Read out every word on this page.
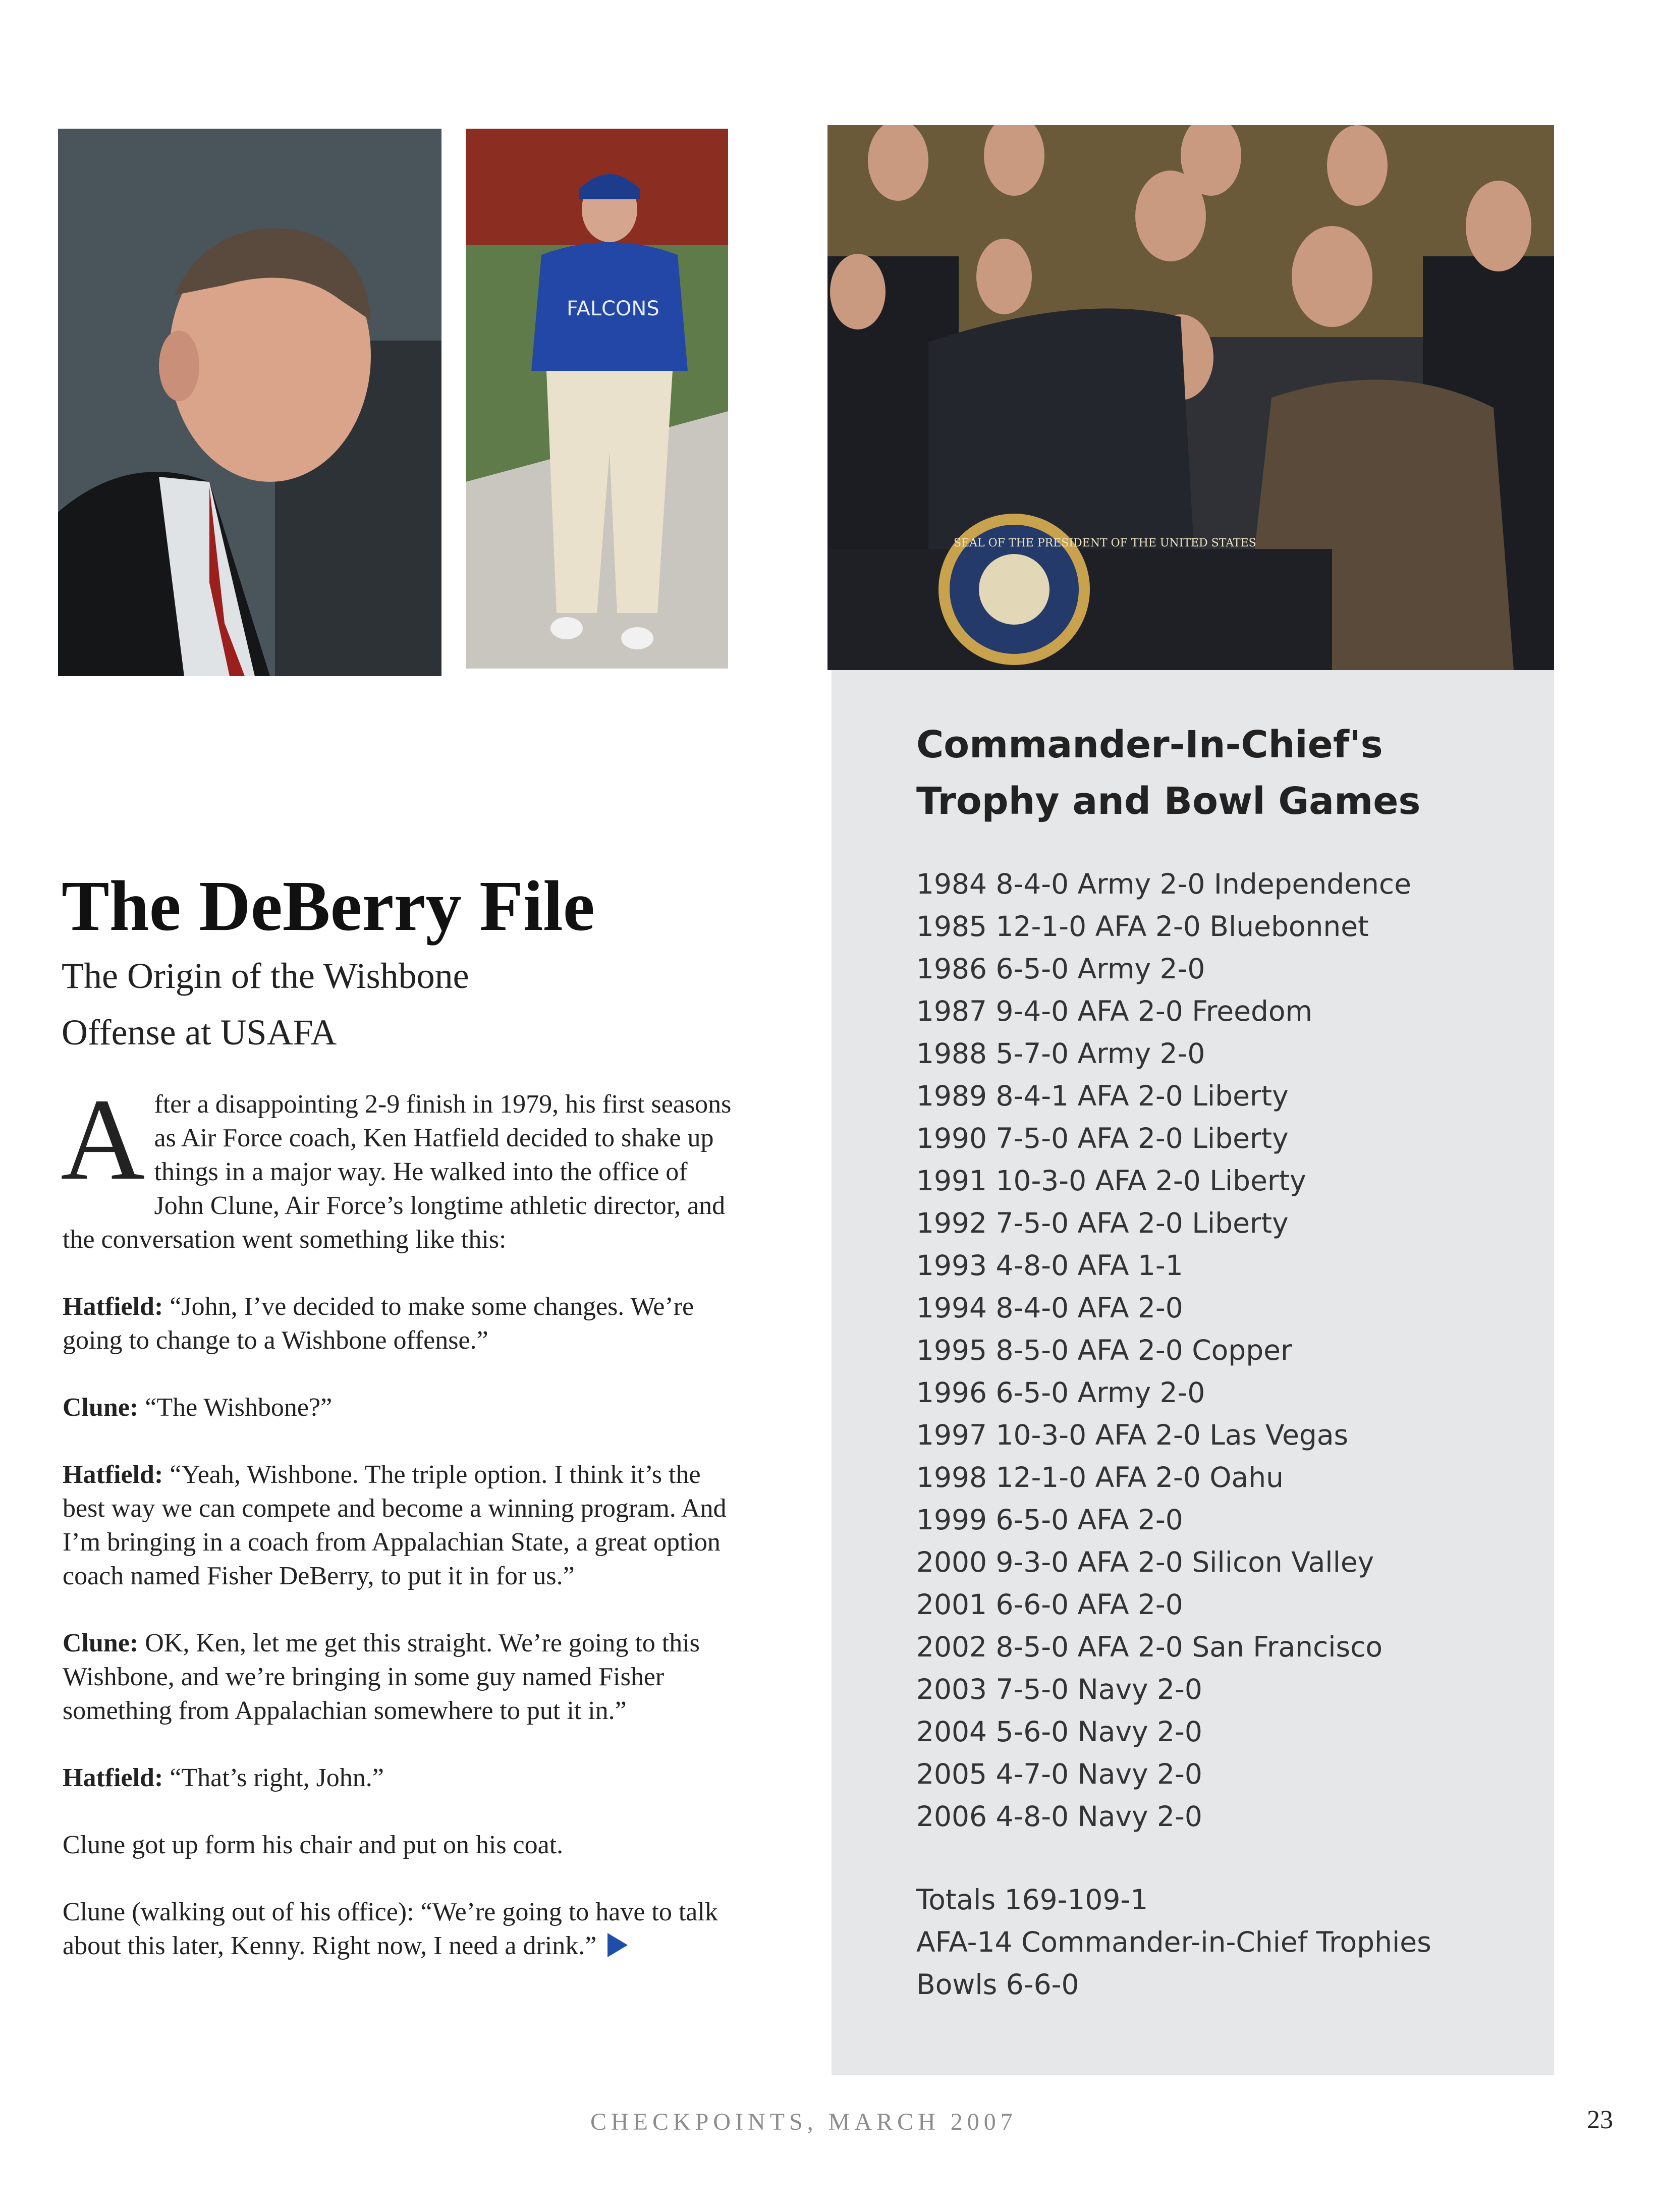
FALCONS
SEAL OF THE PRESIDENT OF THE UNITED STATES
Commander-In-Chief's
Trophy and Bowl Games
1984 8-4-0 Army 2-0 Independence
1985 12-1-0 AFA 2-0 Bluebonnet
1986 6-5-0 Army 2-0
1987 9-4-0 AFA 2-0 Freedom
1988 5-7-0 Army 2-0
1989 8-4-1 AFA 2-0 Liberty
1990 7-5-0 AFA 2-0 Liberty
1991 10-3-0 AFA 2-0 Liberty
1992 7-5-0 AFA 2-0 Liberty
1993 4-8-0 AFA 1-1
1994 8-4-0 AFA 2-0
1995 8-5-0 AFA 2-0 Copper
1996 6-5-0 Army 2-0
1997 10-3-0 AFA 2-0 Las Vegas
1998 12-1-0 AFA 2-0 Oahu
1999 6-5-0 AFA 2-0
2000 9-3-0 AFA 2-0 Silicon Valley
2001 6-6-0 AFA 2-0
2002 8-5-0 AFA 2-0 San Francisco
2003 7-5-0 Navy 2-0
2004 5-6-0 Navy 2-0
2005 4-7-0 Navy 2-0
2006 4-8-0 Navy 2-0
Totals 169-109-1
AFA-14 Commander-in-Chief Trophies
Bowls 6-6-0
The DeBerry File
The Origin of the Wishbone
Offense at USAFA

After a disappointing 2-9 finish in 1979, his first seasons as Air Force coach, Ken Hatfield decided to shake up things in a major way. He walked into the office of John Clune, Air Force’s longtime athletic director, and the conversation went something like this:

Hatfield: “John, I’ve decided to make some changes. We’re going to change to a Wishbone offense.”

Clune: “The Wishbone?”

Hatfield: “Yeah, Wishbone. The triple option. I think it’s the best way we can compete and become a winning program. And I’m bringing in a coach from Appalachian State, a great option coach named Fisher DeBerry, to put it in for us.”

Clune: OK, Ken, let me get this straight. We’re going to this Wishbone, and we’re bringing in some guy named Fisher something from Appalachian somewhere to put it in.”

Hatfield: “That’s right, John.”

Clune got up form his chair and put on his coat.

Clune (walking out of his office): “We’re going to have to talk about this later, Kenny. Right now, I need a drink.”

CHECKPOINTS, MARCH 2007	23
